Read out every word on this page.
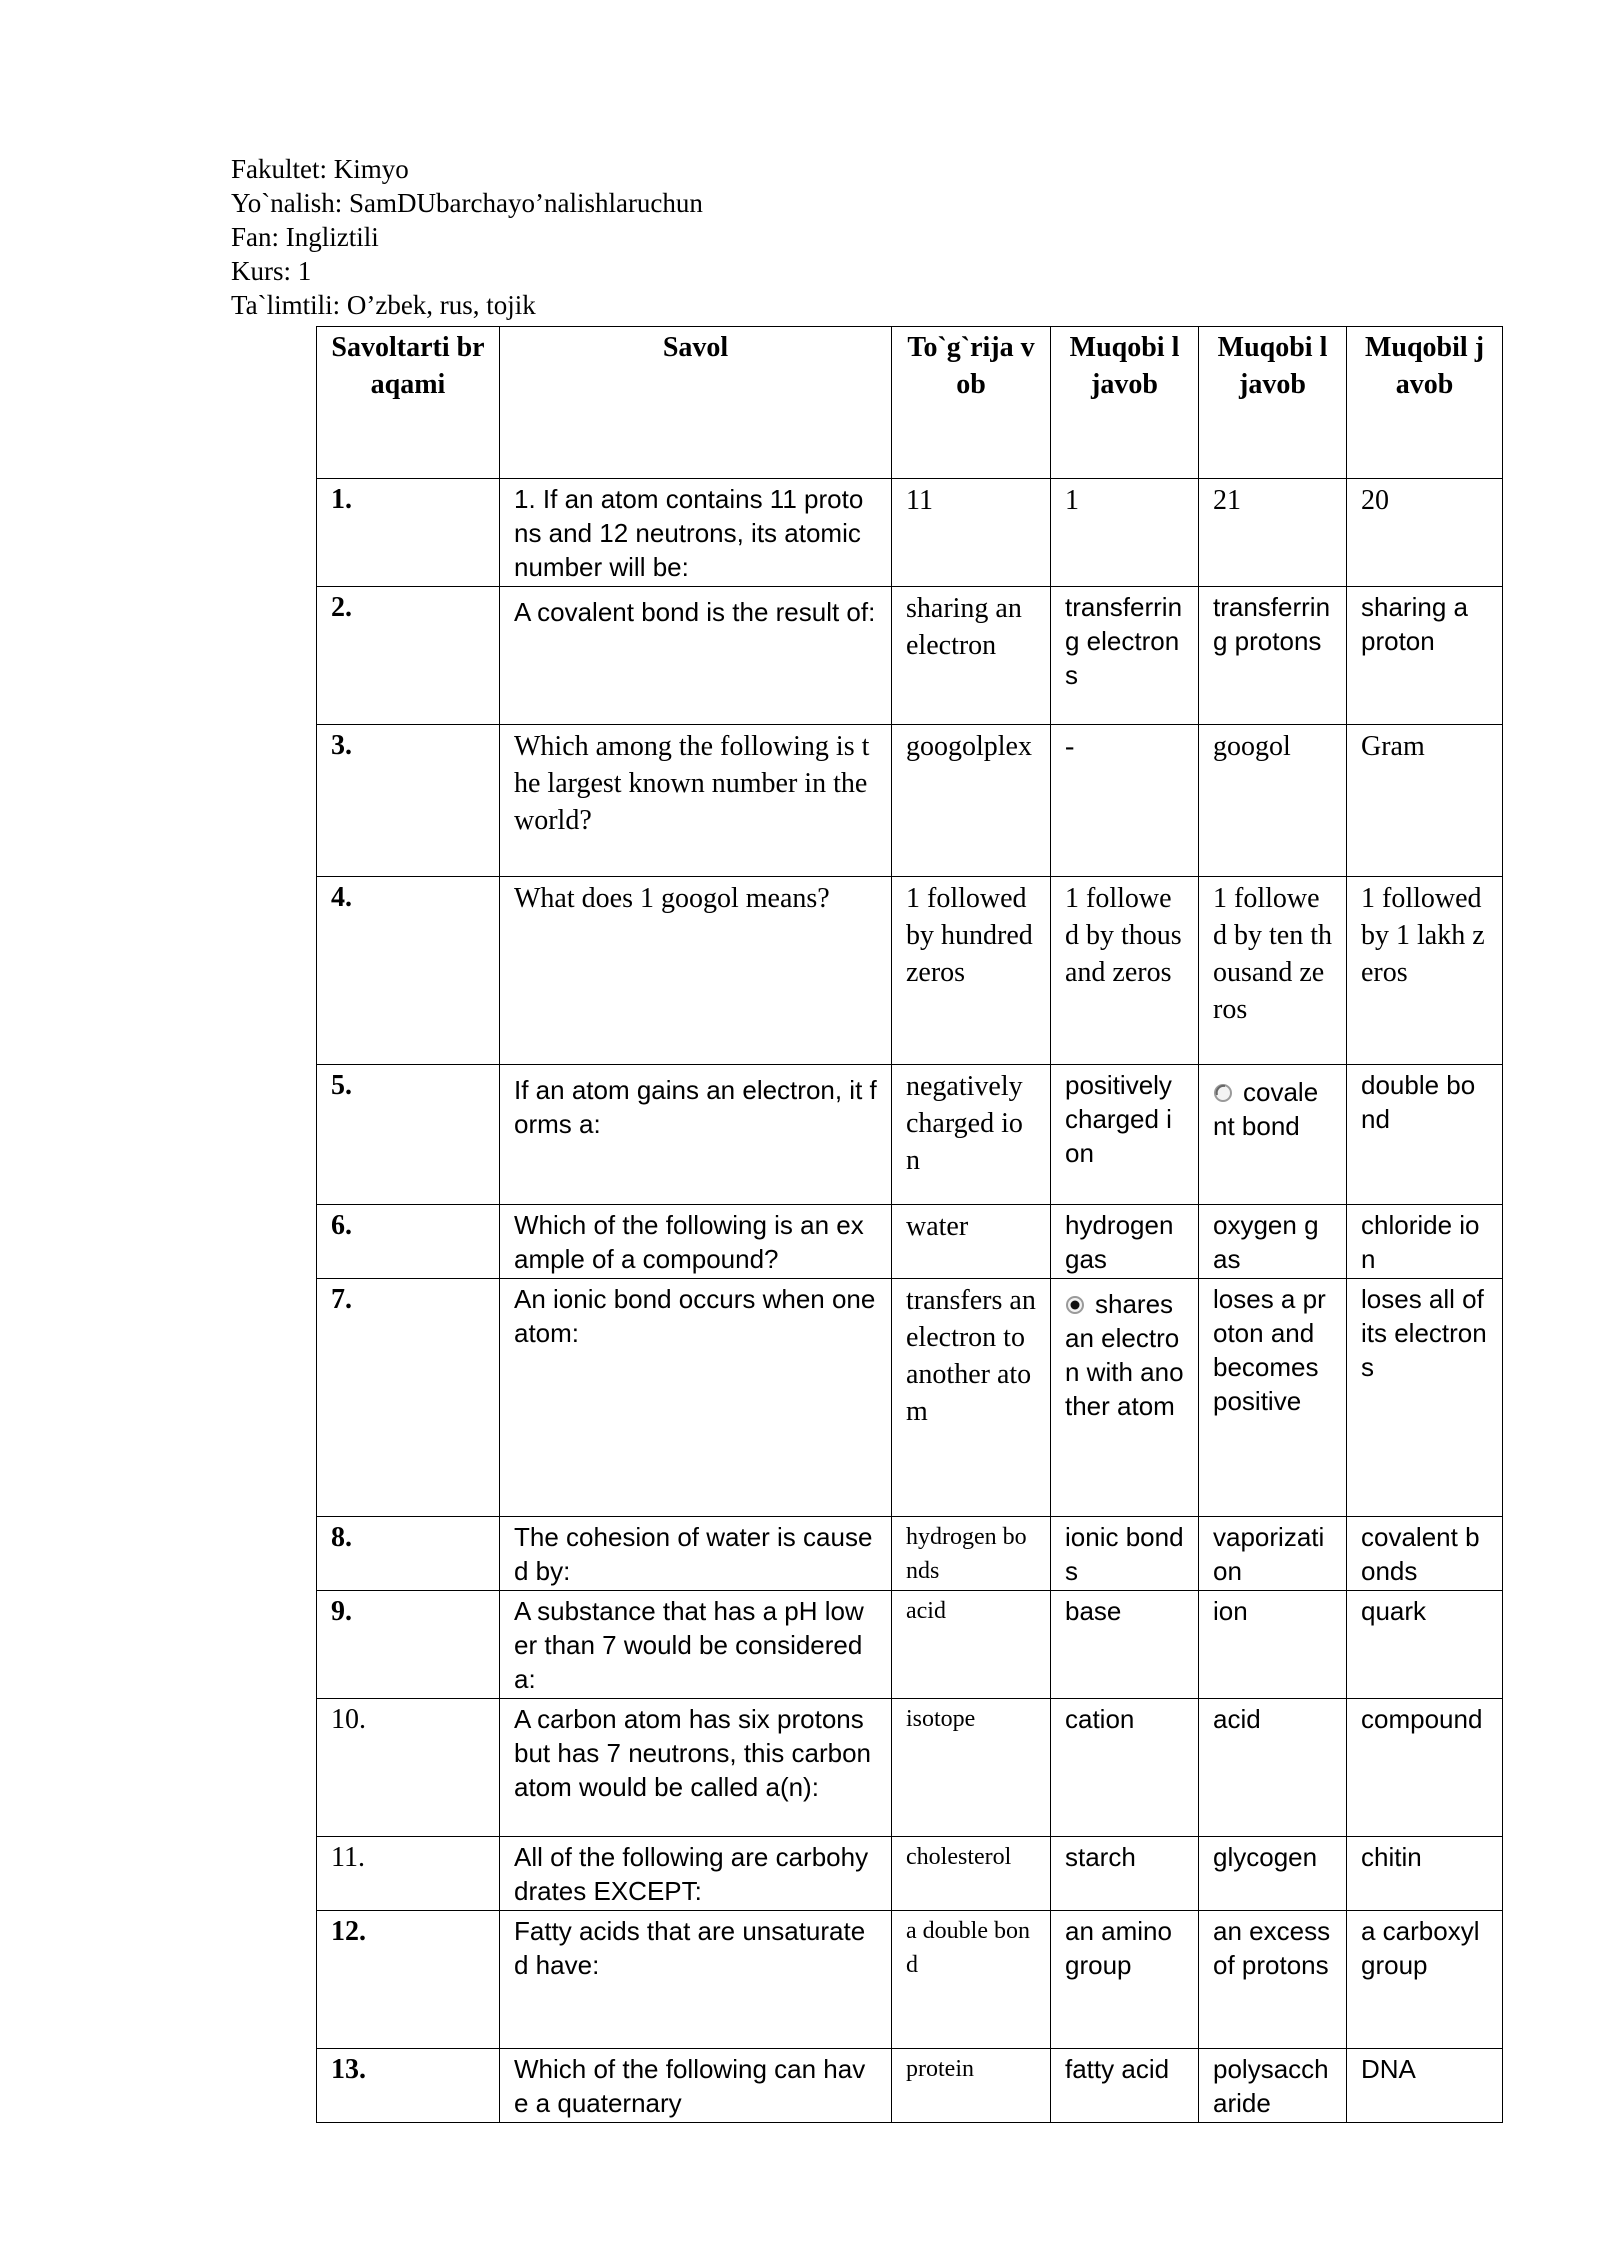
Fakultet: Kimyo
Yo`nalish: SamDUbarchayo’nalishlaruchun
Fan: Ingliztili
Kurs: 1
Ta`limtili: O’zbek, rus, tojik
Savoltarti braqami	Savol	To`g`rija vob	Muqobi ljavob	Muqobi ljavob	Muqobil javob
1.	1. If an atom contains 11 protons and 12 neutrons, its atomic number will be:	11	1	21	20
2.	A covalent bond is the result of:	sharing an electron	transferring electrons	transferring protons	sharing a proton
3.	Which among the following is the largest known number in the world?	googolplex	-	googol	Gram
4.	What does 1 googol means?	1 followed by hundred zeros	1 followed by thousand zeros	1 followed by ten thousand zeros	1 followed by 1 lakh zeros
5.	If an atom gains an electron, it forms a:	negatively charged ion	positively charged ion	covalent bond	double bond
6.	Which of the following is an example of a compound?	water	hydrogen gas	oxygen gas	chloride ion
7.	An ionic bond occurs when one atom:	transfers an electron to another atom	shares an electron with another atom	loses a proton and becomes positive	loses all of its electrons
8.	The cohesion of water is caused by:	hydrogen bonds	ionic bonds	vaporization	covalent bonds
9.	A substance that has a pH lower than 7 would be considered a:	acid	base	ion	quark
10.	A carbon atom has six protons but has 7 neutrons, this carbon atom would be called a(n):	isotope	cation	acid	compound
11.	All of the following are carbohydrates EXCEPT:	cholesterol	starch	glycogen	chitin
12.	Fatty acids that are unsaturated have:	a double bond	an amino group	an excess of protons	a carboxyl group
13.	Which of the following can have a quaternary	protein	fatty acid	polysaccharide	DNA
